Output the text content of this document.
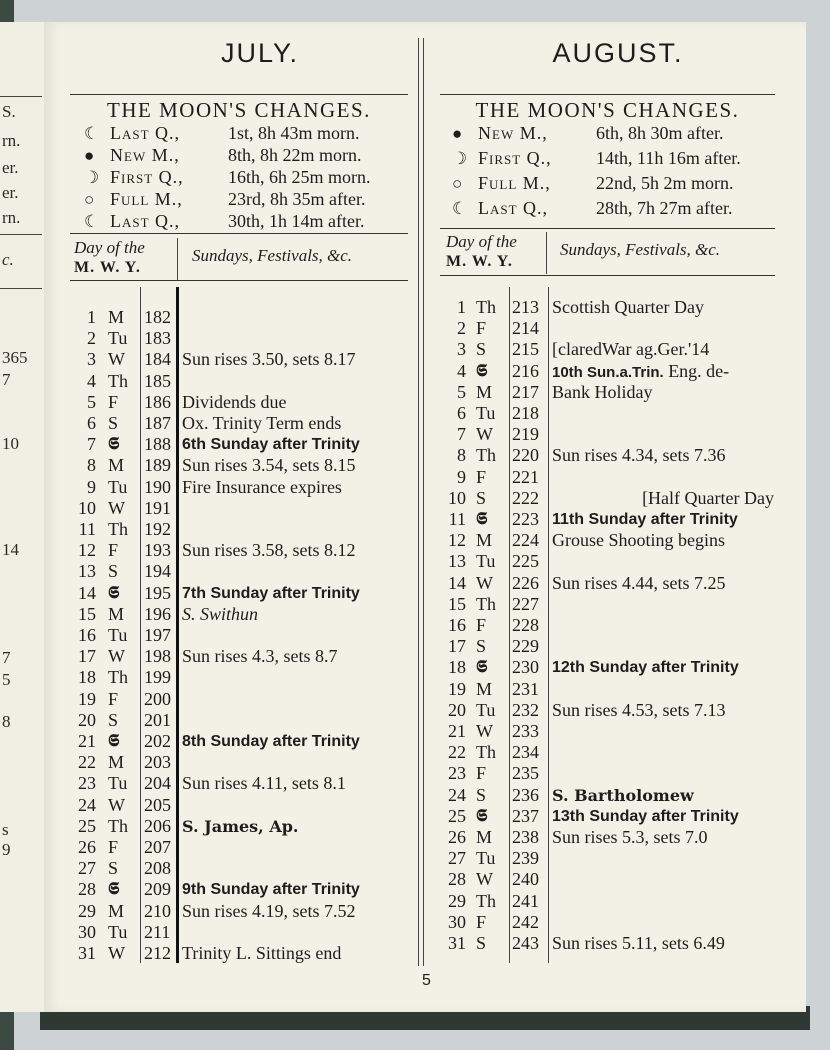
S.
rn.
er.
er.
rn.
c.
365
7
10
14
7
5
8
s
9
JULY.
THE MOON'S CHANGES.
☾ Last Q.,	1st, 8h 43m morn.
● New M.,	8th, 8h 22m morn.
☽ First Q.,	16th, 6h 25m morn.
○ Full M.,	23rd, 8h 35m after.
☾ Last Q.,	30th, 1h 14m after.
Day of the
M. W. Y.
Sundays, Festivals, &c.
1 M	182
2 Tu 183
3 W	184 Sun rises 3.50, sets 8.17
4 Th 185
5 F	186 Dividends due
6 S	187 Ox. Trinity Term ends
7 𝕾	188 6th Sunday after Trinity
8 M	189 Sun rises 3.54, sets 8.15
9 Tu 190 Fire Insurance expires
10 W	191
11 Th 192
12 F	193 Sun rises 3.58, sets 8.12
13 S	194
14 𝕾	195 7th Sunday after Trinity
15 M	196 S. Swithun
16 Tu 197
17 W	198 Sun rises 4.3, sets 8.7
18 Th 199
19 F	200
20 S	201
21 𝕾	202 8th Sunday after Trinity
22 M	203
23 Tu 204 Sun rises 4.11, sets 8.1
24 W	205
25 Th 206 S. James, Ap.
26 F	207
27 S	208
28 𝕾	209 9th Sunday after Trinity
29 M	210 Sun rises 4.19, sets 7.52
30 Tu 211
31 W	212 Trinity L. Sittings end
AUGUST.
THE MOON'S CHANGES.
● New M.,	6th, 8h 30m after.
☽ First Q.,	14th, 11h 16m after.
○ Full M.,	22nd, 5h 2m morn.
☾ Last Q.,	28th, 7h 27m after.
Day of the
M. W. Y.
Sundays, Festivals, &c.
1 Th 213 Scottish Quarter Day
2 F	214
3 S	215 [claredWar ag.Ger.'14
4 𝕾	216 10th Sun.a.Trin. Eng. de-
5 M	217 Bank Holiday
6 Tu 218
7 W	219
8 Th 220 Sun rises 4.34, sets 7.36
9 F	221
10 S	222	[Half Quarter Day
11 𝕾	223 11th Sunday after Trinity
12 M	224 Grouse Shooting begins
13 Tu 225
14 W	226 Sun rises 4.44, sets 7.25
15 Th 227
16 F	228
17 S	229
18 𝕾	230 12th Sunday after Trinity
19 M	231
20 Tu 232 Sun rises 4.53, sets 7.13
21 W	233
22 Th 234
23 F	235
24 S	236 S. Bartholomew
25 𝕾	237 13th Sunday after Trinity
26 M	238 Sun rises 5.3, sets 7.0
27 Tu 239
28 W	240
29 Th 241
30 F	242
31 S	243 Sun rises 5.11, sets 6.49
5
